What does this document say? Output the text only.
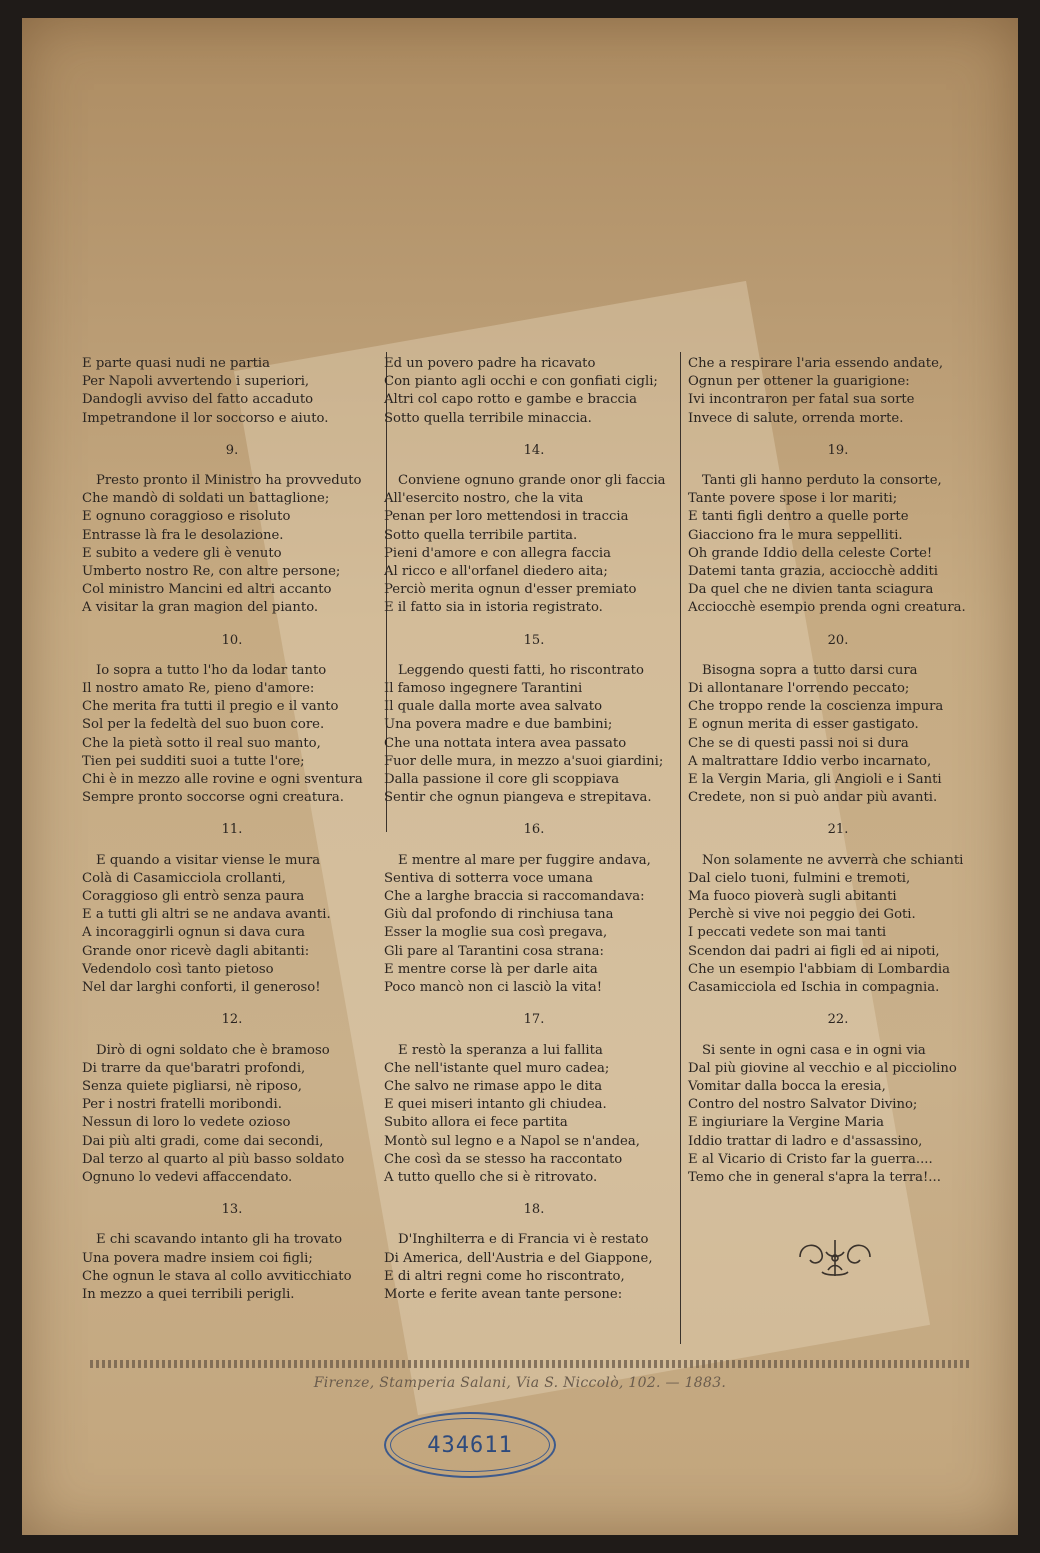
E parte quasi nudi ne partia
Per Napoli avvertendo i superiori,
Dandogli avviso del fatto accaduto
Impetrandone il lor soccorso e aiuto.
9.
Presto pronto il Ministro ha provveduto
Che mandò di soldati un battaglione;
E ognuno coraggioso e risoluto
Entrasse là fra le desolazione.
E subito a vedere gli è venuto
Umberto nostro Re, con altre persone;
Col ministro Mancini ed altri accanto
A visitar la gran magion del pianto.
10.
Io sopra a tutto l'ho da lodar tanto
Il nostro amato Re, pieno d'amore:
Che merita fra tutti il pregio e il vanto
Sol per la fedeltà del suo buon core.
Che la pietà sotto il real suo manto,
Tien pei sudditi suoi a tutte l'ore;
Chi è in mezzo alle rovine e ogni sventura
Sempre pronto soccorse ogni creatura.
11.
E quando a visitar viense le mura
Colà di Casamicciola crollanti,
Coraggioso gli entrò senza paura
E a tutti gli altri se ne andava avanti.
A incoraggirli ognun si dava cura
Grande onor ricevè dagli abitanti:
Vedendolo così tanto pietoso
Nel dar larghi conforti, il generoso!
12.
Dirò di ogni soldato che è bramoso
Di trarre da que'baratri profondi,
Senza quiete pigliarsi, nè riposo,
Per i nostri fratelli moribondi.
Nessun di loro lo vedete ozioso
Dai più alti gradi, come dai secondi,
Dal terzo al quarto al più basso soldato
Ognuno lo vedevi affaccendato.
13.
E chi scavando intanto gli ha trovato
Una povera madre insiem coi figli;
Che ognun le stava al collo avviticchiato
In mezzo a quei terribili perigli.
Ed un povero padre ha ricavato
Con pianto agli occhi e con gonfiati cigli;
Altri col capo rotto e gambe e braccia
Sotto quella terribile minaccia.
14.
Conviene ognuno grande onor gli faccia
All'esercito nostro, che la vita
Penan per loro mettendosi in traccia
Sotto quella terribile partita.
Pieni d'amore e con allegra faccia
Al ricco e all'orfanel diedero aita;
Perciò merita ognun d'esser premiato
E il fatto sia in istoria registrato.
15.
Leggendo questi fatti, ho riscontrato
Il famoso ingegnere Tarantini
Il quale dalla morte avea salvato
Una povera madre e due bambini;
Che una nottata intera avea passato
Fuor delle mura, in mezzo a'suoi giardini;
Dalla passione il core gli scoppiava
Sentir che ognun piangeva e strepitava.
16.
E mentre al mare per fuggire andava,
Sentiva di sotterra voce umana
Che a larghe braccia si raccomandava:
Giù dal profondo di rinchiusa tana
Esser la moglie sua così pregava,
Gli pare al Tarantini cosa strana:
E mentre corse là per darle aita
Poco mancò non ci lasciò la vita!
17.
E restò la speranza a lui fallita
Che nell'istante quel muro cadea;
Che salvo ne rimase appo le dita
E quei miseri intanto gli chiudea.
Subito allora ei fece partita
Montò sul legno e a Napol se n'andea,
Che così da se stesso ha raccontato
A tutto quello che si è ritrovato.
18.
D'Inghilterra e di Francia vi è restato
Di America, dell'Austria e del Giappone,
E di altri regni come ho riscontrato,
Morte e ferite avean tante persone:
Che a respirare l'aria essendo andate,
Ognun per ottener la guarigione:
Ivi incontraron per fatal sua sorte
Invece di salute, orrenda morte.
19.
Tanti gli hanno perduto la consorte,
Tante povere spose i lor mariti;
E tanti figli dentro a quelle porte
Giacciono fra le mura seppelliti.
Oh grande Iddio della celeste Corte!
Datemi tanta grazia, acciocchè additi
Da quel che ne divien tanta sciagura
Acciocchè esempio prenda ogni creatura.
20.
Bisogna sopra a tutto darsi cura
Di allontanare l'orrendo peccato;
Che troppo rende la coscienza impura
E ognun merita di esser gastigato.
Che se di questi passi noi si dura
A maltrattare Iddio verbo incarnato,
E la Vergin Maria, gli Angioli e i Santi
Credete, non si può andar più avanti.
21.
Non solamente ne avverrà che schianti
Dal cielo tuoni, fulmini e tremoti,
Ma fuoco pioverà sugli abitanti
Perchè si vive noi peggio dei Goti.
I peccati vedete son mai tanti
Scendon dai padri ai figli ed ai nipoti,
Che un esempio l'abbiam di Lombardia
Casamicciola ed Ischia in compagnia.
22.
Si sente in ogni casa e in ogni via
Dal più giovine al vecchio e al picciolino
Vomitar dalla bocca la eresia,
Contro del nostro Salvator Divino;
E ingiuriare la Vergine Maria
Iddio trattar di ladro e d'assassino,
E al Vicario di Cristo far la guerra....
Temo che in general s'apra la terra!...
Firenze, Stamperia Salani, Via S. Niccolò, 102. — 1883.
434611
